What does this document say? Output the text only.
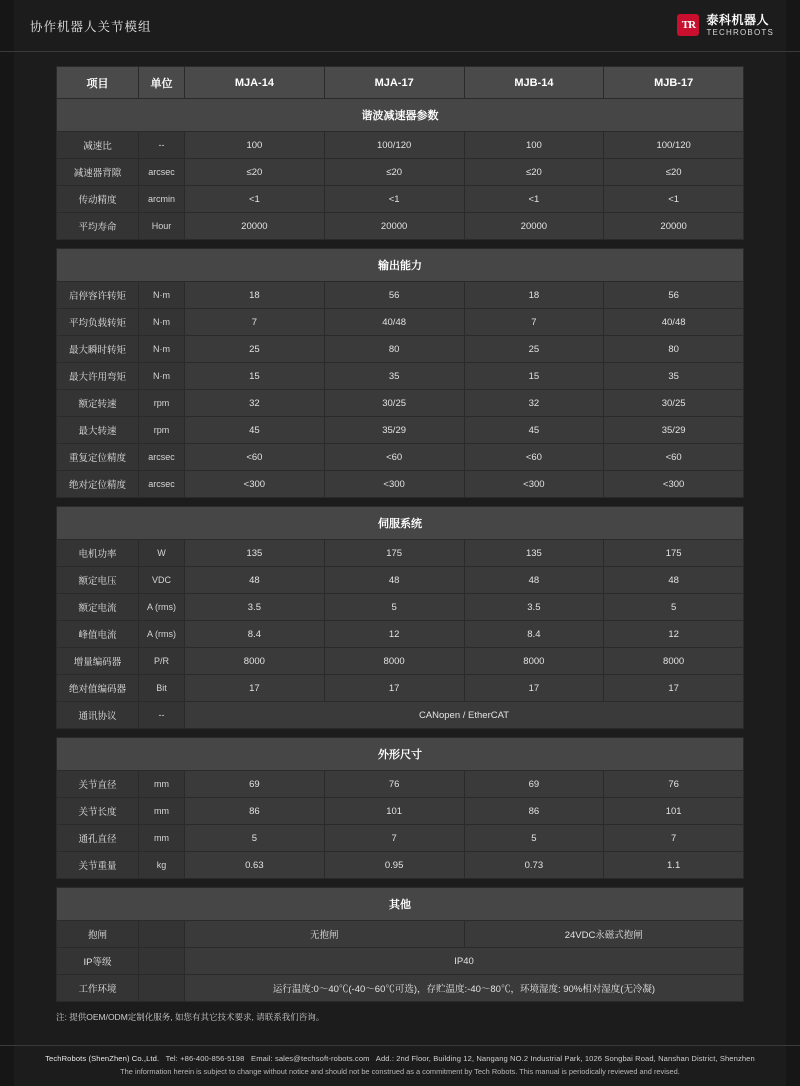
协作机器人关节模组	TR 泰科机器人
TECHROBOTS
项目	单位	MJA-14	MJA-17	MJB-14	MJB-17
谐波减速器参数					
减速比	--	100	100/120	100	100/120
减速器背隙	arcsec	≤20	≤20	≤20	≤20
传动精度	arcmin	<1	<1	<1	<1
平均寿命	Hour	20000	20000	20000	20000

输出能力					
启停容许转矩	N·m	18	56	18	56
平均负载转矩	N·m	7	40/48	7	40/48
最大瞬时转矩	N·m	25	80	25	80
最大许用弯矩	N·m	15	35	15	35
额定转速	rpm	32	30/25	32	30/25
最大转速	rpm	45	35/29	45	35/29
重复定位精度	arcsec	<60	<60	<60	<60
绝对定位精度	arcsec	<300	<300	<300	<300

伺服系统					
电机功率	W	135	175	135	175
额定电压	VDC	48	48	48	48
额定电流	A (rms)	3.5	5	3.5	5
峰值电流	A (rms)	8.4	12	8.4	12
增量编码器	P/R	8000	8000	8000	8000
绝对值编码器	Bit	17	17	17	17
通讯协议	--	CANopen / EtherCAT			

外形尺寸					
关节直径	mm	69	76	69	76
关节长度	mm	86	101	86	101
通孔直径	mm	5	7	5	7
关节重量	kg	0.63	0.95	0.73	1.1

其他					
抱闸		无抱闸		24VDC永磁式抱闸	
IP等级		IP40			
工作环境		运行温度:0～40℃(-40～60℃可选)，存贮温度:-40～80℃，环境湿度: 90%相对湿度(无冷凝)			
注: 提供OEM/ODM定制化服务, 如您有其它技术要求, 请联系我们咨询。
TechRobots (ShenZhen) Co.,Ltd. Tel: +86-400-856-5198 Email: sales@techsoft-robots.com Add.: 2nd Floor, Building 12, Nangang NO.2 Industrial Park, 1026 Songbai Road, Nanshan District, Shenzhen
The information herein is subject to change without notice and should not be construed as a commitment by Tech Robots. This manual is periodically reviewed and revised.
